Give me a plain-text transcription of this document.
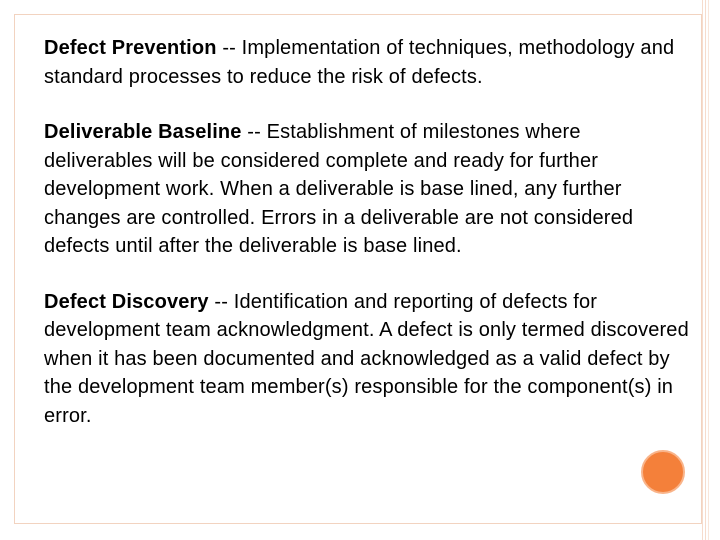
Defect Prevention -- Implementation of techniques, methodology and standard processes to reduce the risk of defects.

Deliverable Baseline -- Establishment of milestones where deliverables will be considered complete and ready for further development work. When a deliverable is base lined, any further changes are controlled. Errors in a deliverable are not considered defects until after the deliverable is base lined.

Defect Discovery -- Identification and reporting of defects for development team acknowledgment. A defect is only termed discovered when it has been documented and acknowledged as a valid defect by the development team member(s) responsible for the component(s) in error.
